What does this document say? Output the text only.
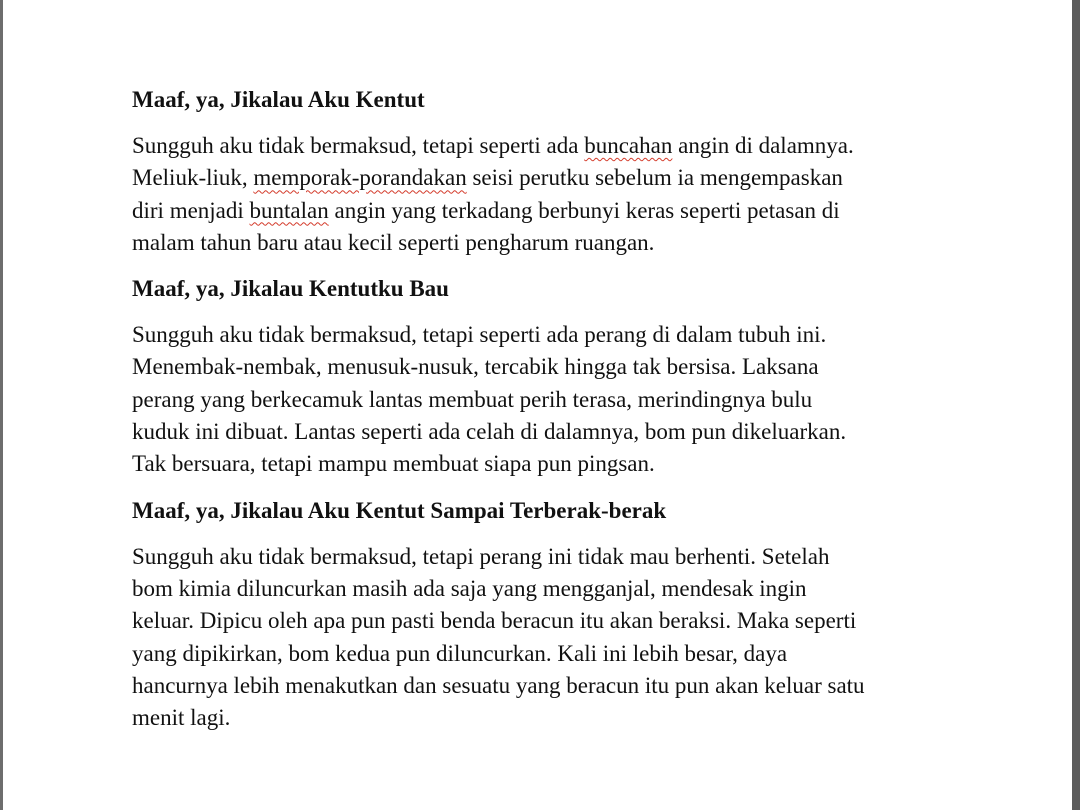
Maaf, ya, Jikalau Aku Kentut
Sungguh aku tidak bermaksud, tetapi seperti ada buncahan angin di dalamnya.
Meliuk-liuk, memporak-porandakan seisi perutku sebelum ia mengempaskan
diri menjadi buntalan angin yang terkadang berbunyi keras seperti petasan di
malam tahun baru atau kecil seperti pengharum ruangan.
Maaf, ya, Jikalau Kentutku Bau
Sungguh aku tidak bermaksud, tetapi seperti ada perang di dalam tubuh ini.
Menembak-nembak, menusuk-nusuk, tercabik hingga tak bersisa. Laksana
perang yang berkecamuk lantas membuat perih terasa, merindingnya bulu
kuduk ini dibuat. Lantas seperti ada celah di dalamnya, bom pun dikeluarkan.
Tak bersuara, tetapi mampu membuat siapa pun pingsan.
Maaf, ya, Jikalau Aku Kentut Sampai Terberak-berak
Sungguh aku tidak bermaksud, tetapi perang ini tidak mau berhenti. Setelah
bom kimia diluncurkan masih ada saja yang mengganjal, mendesak ingin
keluar. Dipicu oleh apa pun pasti benda beracun itu akan beraksi. Maka seperti
yang dipikirkan, bom kedua pun diluncurkan. Kali ini lebih besar, daya
hancurnya lebih menakutkan dan sesuatu yang beracun itu pun akan keluar satu
menit lagi.
